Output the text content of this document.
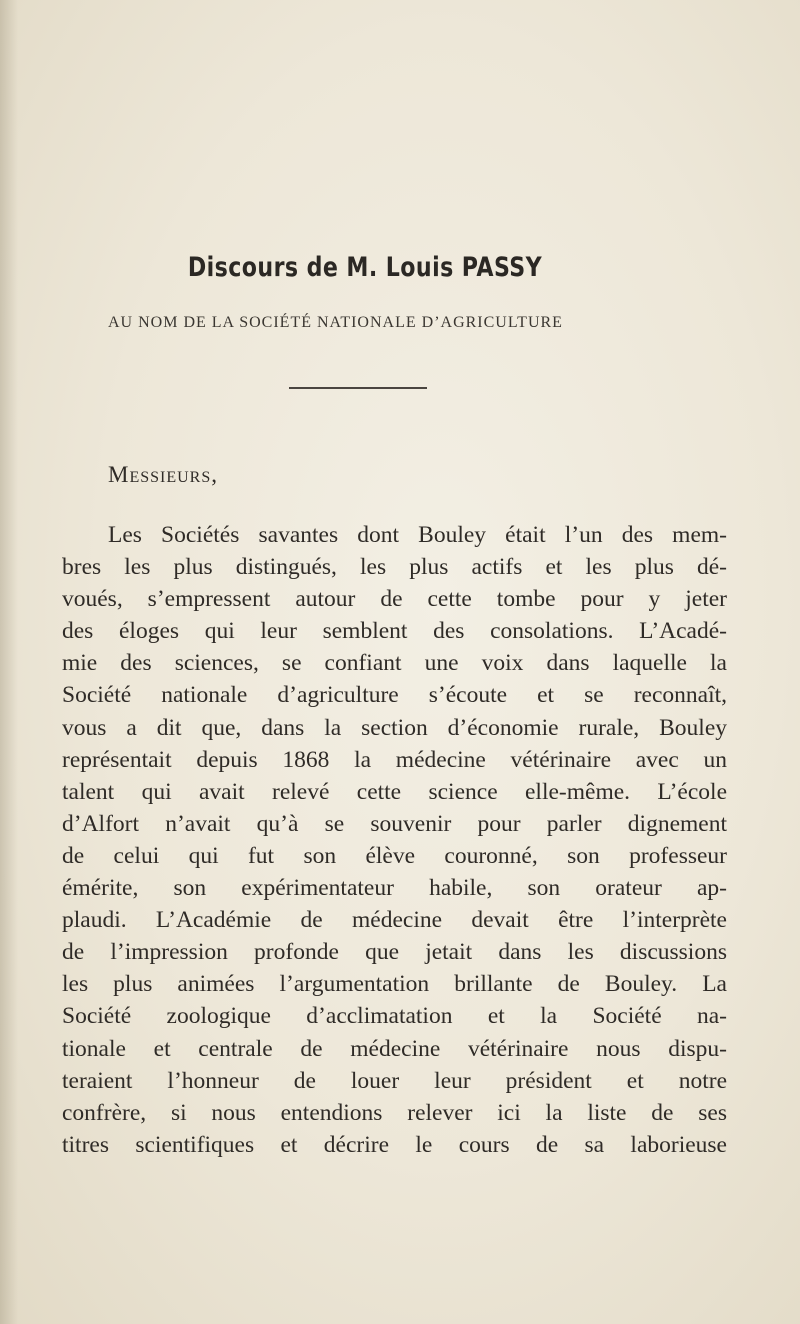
Discours de M. Louis PASSY
AU NOM DE LA SOCIÉTÉ NATIONALE D’AGRICULTURE
Messieurs,
Les Sociétés savantes dont Bouley était l’un des mem-
bres les plus distingués, les plus actifs et les plus dé-
voués, s’empressent autour de cette tombe pour y jeter
des éloges qui leur semblent des consolations. L’Acadé-
mie des sciences, se confiant une voix dans laquelle la
Société nationale d’agriculture s’écoute et se reconnaît,
vous a dit que, dans la section d’économie rurale, Bouley
représentait depuis 1868 la médecine vétérinaire avec un
talent qui avait relevé cette science elle-même. L’école
d’Alfort n’avait qu’à se souvenir pour parler dignement
de celui qui fut son élève couronné, son professeur
émérite, son expérimentateur habile, son orateur ap-
plaudi. L’Académie de médecine devait être l’interprète
de l’impression profonde que jetait dans les discussions
les plus animées l’argumentation brillante de Bouley. La
Société zoologique d’acclimatation et la Société na-
tionale et centrale de médecine vétérinaire nous dispu-
teraient l’honneur de louer leur président et notre
confrère, si nous entendions relever ici la liste de ses
titres scientifiques et décrire le cours de sa laborieuse
